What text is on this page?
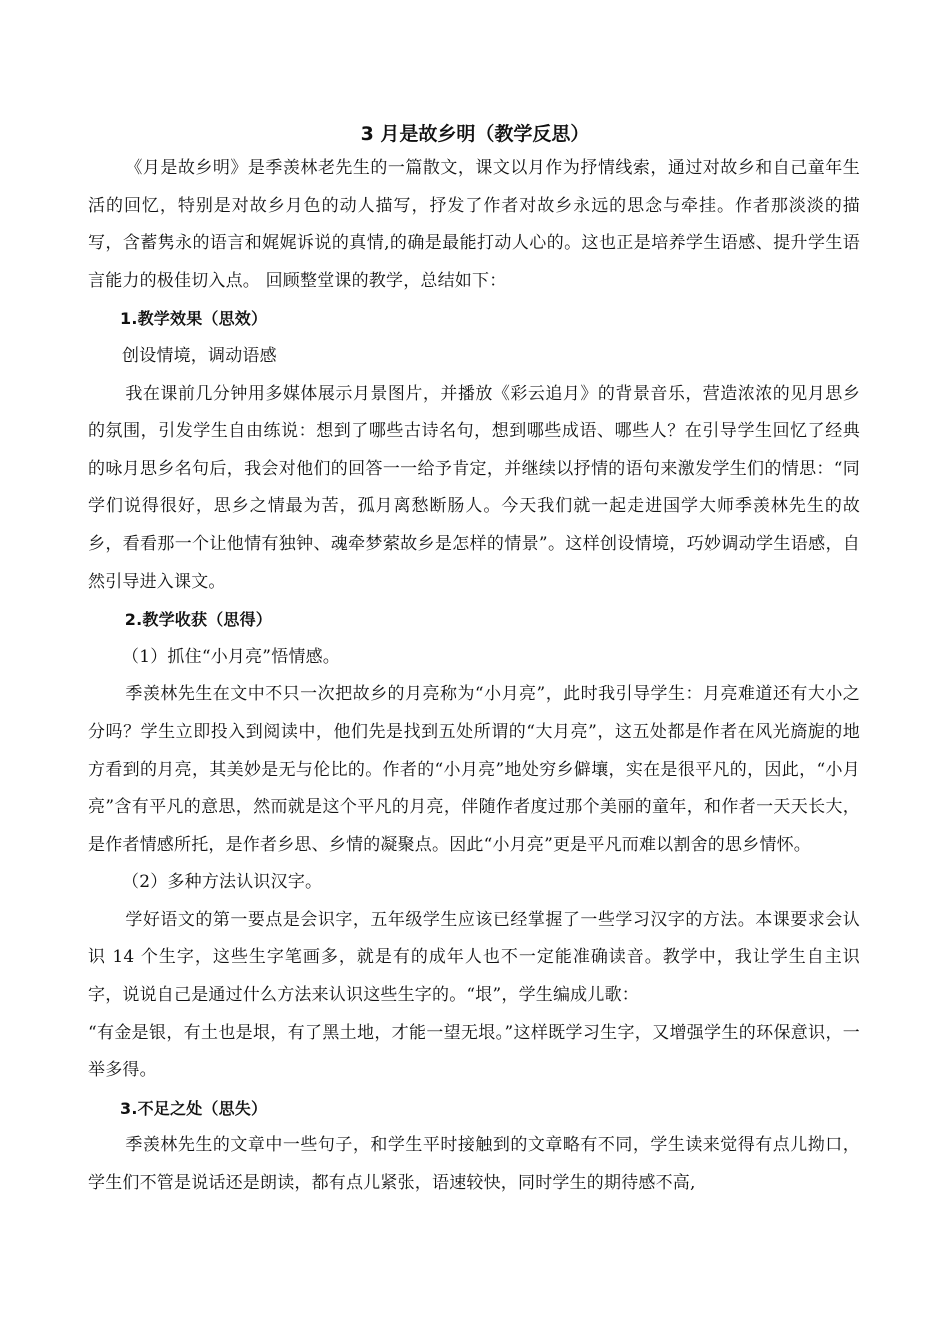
3 月是故乡明（教学反思）

《月是故乡明》是季羡林老先生的一篇散文，课文以月作为抒情线索，通过对故乡和自己童年生活的回忆，特别是对故乡月色的动人描写，抒发了作者对故乡永远的思念与牵挂。作者那淡淡的描写，含蓄隽永的语言和娓娓诉说的真情,的确是最能打动人心的。这也正是培养学生语感、提升学生语言能力的极佳切入点。 回顾整堂课的教学，总结如下：

1.教学效果（思效）

创设情境，调动语感

我在课前几分钟用多媒体展示月景图片，并播放《彩云追月》的背景音乐，营造浓浓的见月思乡的氛围，引发学生自由练说：想到了哪些古诗名句，想到哪些成语、哪些人？在引导学生回忆了经典的咏月思乡名句后，我会对他们的回答一一给予肯定，并继续以抒情的语句来激发学生们的情思：“同学们说得很好，思乡之情最为苦，孤月离愁断肠人。今天我们就一起走进国学大师季羡林先生的故乡，看看那一个让他情有独钟、魂牵梦萦故乡是怎样的情景”。这样创设情境，巧妙调动学生语感，自然引导进入课文。

2.教学收获（思得）

（1）抓住“小月亮”悟情感。

季羡林先生在文中不只一次把故乡的月亮称为“小月亮”，此时我引导学生：月亮难道还有大小之分吗？学生立即投入到阅读中，他们先是找到五处所谓的“大月亮”，这五处都是作者在风光旖旎的地方看到的月亮，其美妙是无与伦比的。作者的“小月亮”地处穷乡僻壤，实在是很平凡的，因此，“小月亮”含有平凡的意思，然而就是这个平凡的月亮，伴随作者度过那个美丽的童年，和作者一天天长大，是作者情感所托，是作者乡思、乡情的凝聚点。因此“小月亮”更是平凡而难以割舍的思乡情怀。

（2）多种方法认识汉字。

学好语文的第一要点是会识字，五年级学生应该已经掌握了一些学习汉字的方法。本课要求会认识 14 个生字，这些生字笔画多，就是有的成年人也不一定能准确读音。教学中，我让学生自主识字，说说自己是通过什么方法来认识这些生字的。“垠”，学生编成儿歌：

“有金是银，有土也是垠，有了黑土地，才能一望无垠。”这样既学习生字，又增强学生的环保意识，一举多得。

3.不足之处（思失）

季羡林先生的文章中一些句子，和学生平时接触到的文章略有不同，学生读来觉得有点儿拗口，学生们不管是说话还是朗读，都有点儿紧张，语速较快，同时学生的期待感不高,
